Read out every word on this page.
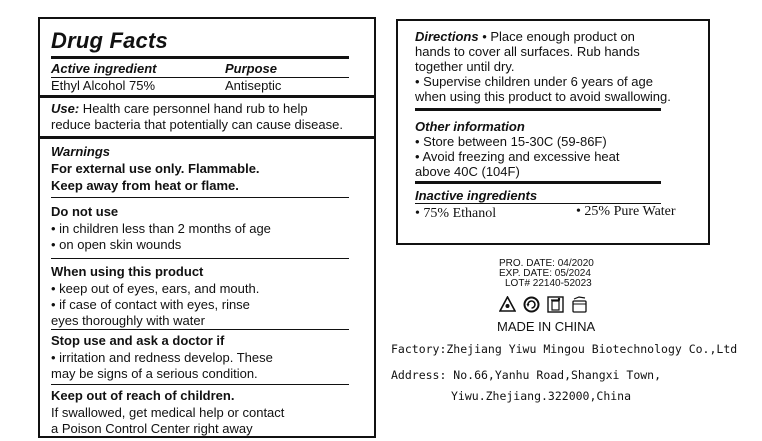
Drug Facts
Active ingredient	Purpose
Ethyl Alcohol 75%	Antiseptic
Use: Health care personnel hand rub to help
reduce bacteria that potentially can cause disease.
Warnings
For external use only. Flammable.
Keep away from heat or flame.
Do not use
• in children less than 2 months of age
• on open skin wounds
When using this product
• keep out of eyes, ears, and mouth.
• if case of contact with eyes, rinse
eyes thoroughly with water
Stop use and ask a doctor if
• irritation and redness develop. These
may be signs of a serious condition.
Keep out of reach of children.
If swallowed, get medical help or contact
a Poison Control Center right away
Directions • Place enough product on
hands to cover all surfaces. Rub hands
together until dry.
• Supervise children under 6 years of age
when using this product to avoid swallowing.
Other information
• Store between 15-30C (59-86F)
• Avoid freezing and excessive heat
above 40C (104F)
Inactive ingredients
• 75% Ethanol	• 25% Pure Water
PRO. DATE: 04/2020
EXP. DATE: 05/2024
LOT# 22140-52023
MADE IN CHINA
Factory:Zhejiang Yiwu Mingou Biotechnology Co.,Ltd
Address: No.66,Yanhu Road,Shangxi Town,
Yiwu.Zhejiang.322000,China
